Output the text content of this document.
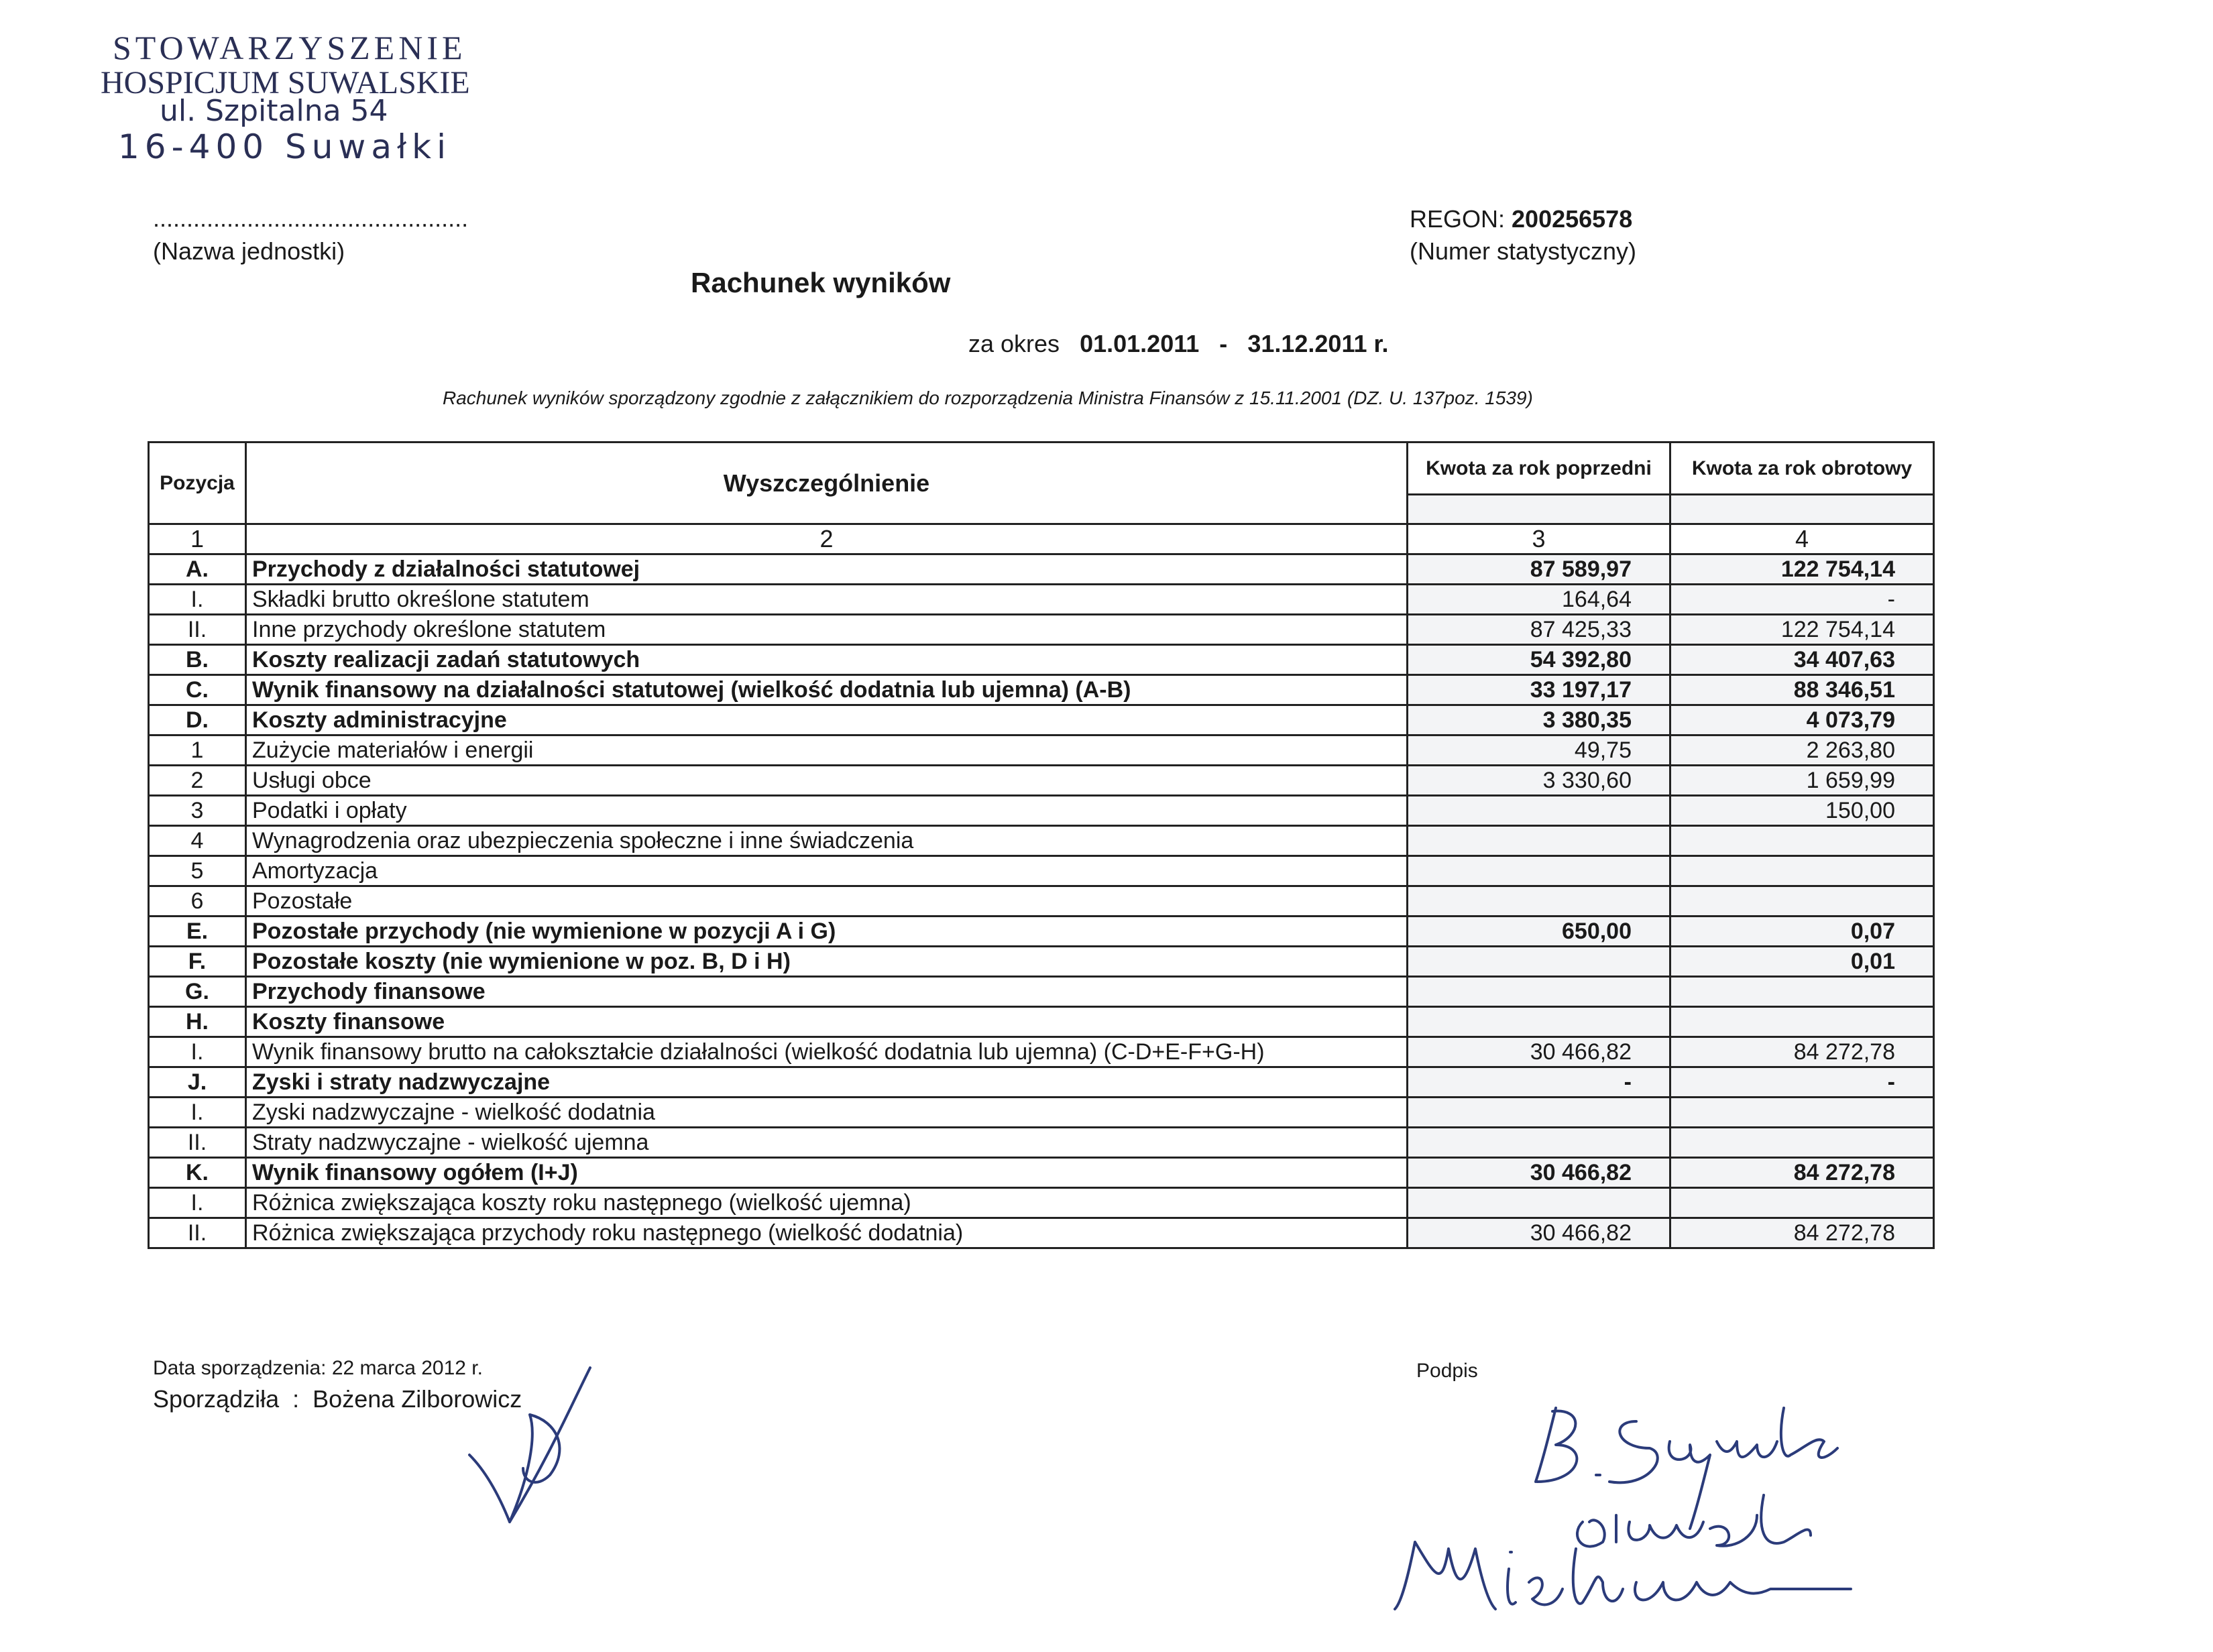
STOWARZYSZENIE
HOSPICJUM SUWALSKIE
ul. Szpitalna 54
16-400 Suwałki
...............................................
(Nazwa jednostki)
REGON: 200256578
(Numer statystyczny)
Rachunek wyników
za okres 01.01.2011 - 31.12.2011 r.
Rachunek wyników sporządzony zgodnie z załącznikiem do rozporządzenia Ministra Finansów z 15.11.2001 (DZ. U. 137poz. 1539)
Pozycja	Wyszczególnienie	Kwota za rok poprzedni	Kwota za rok obrotowy

1	2	3	4
A.	Przychody z działalności statutowej	87 589,97	122 754,14
I.	Składki brutto określone statutem	164,64	-
II.	Inne przychody określone statutem	87 425,33	122 754,14
B.	Koszty realizacji zadań statutowych	54 392,80	34 407,63
C.	Wynik finansowy na działalności statutowej (wielkość dodatnia lub ujemna) (A-B)	33 197,17	88 346,51
D.	Koszty administracyjne	3 380,35	4 073,79
1	Zużycie materiałów i energii	49,75	2 263,80
2	Usługi obce	3 330,60	1 659,99
3	Podatki i opłaty		150,00
4	Wynagrodzenia oraz ubezpieczenia społeczne i inne świadczenia		
5	Amortyzacja		
6	Pozostałe		
E.	Pozostałe przychody (nie wymienione w pozycji A i G)	650,00	0,07
F.	Pozostałe koszty (nie wymienione w poz. B, D i H)		0,01
G.	Przychody finansowe		
H.	Koszty finansowe		
I.	Wynik finansowy brutto na całokształcie działalności (wielkość dodatnia lub ujemna) (C-D+E-F+G-H)	30 466,82	84 272,78
J.	Zyski i straty nadzwyczajne	-	-
I.	Zyski nadzwyczajne - wielkość dodatnia		
II.	Straty nadzwyczajne - wielkość ujemna		
K.	Wynik finansowy ogółem (I+J)	30 466,82	84 272,78
I.	Różnica zwiększająca koszty roku następnego (wielkość ujemna)		
II.	Różnica zwiększająca przychody roku następnego (wielkość dodatnia)	30 466,82	84 272,78
Data sporządzenia: 22 marca 2012 r.
Sporządziła : Bożena Zilborowicz
Podpis
